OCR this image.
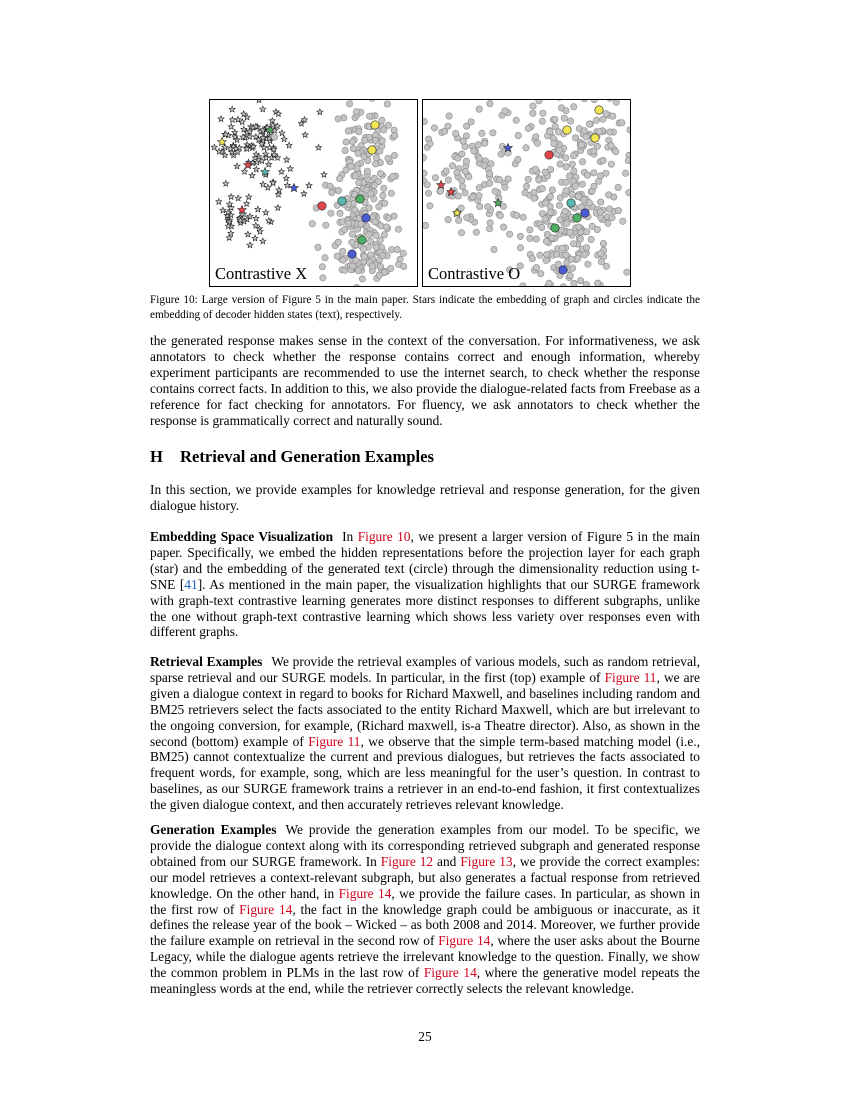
Contrastive X	Contrastive O
Figure 10: Large version of Figure 5 in the main paper. Stars indicate the embedding of graph and circles indicate the embedding of decoder hidden states (text), respectively.

the generated response makes sense in the context of the conversation. For informativeness, we ask annotators to check whether the response contains correct and enough information, whereby experiment participants are recommended to use the internet search, to check whether the response contains correct facts. In addition to this, we also provide the dialogue-related facts from Freebase as a reference for fact checking for annotators. For fluency, we ask annotators to check whether the response is grammatically correct and naturally sound.

H Retrieval and Generation Examples

In this section, we provide examples for knowledge retrieval and response generation, for the given dialogue history.

Embedding Space Visualization In Figure 10, we present a larger version of Figure 5 in the main paper. Specifically, we embed the hidden representations before the projection layer for each graph (star) and the embedding of the generated text (circle) through the dimensionality reduction using t-SNE [41]. As mentioned in the main paper, the visualization highlights that our SURGE framework with graph-text contrastive learning generates more distinct responses to different subgraphs, unlike the one without graph-text contrastive learning which shows less variety over responses even with different graphs.

Retrieval Examples We provide the retrieval examples of various models, such as random retrieval, sparse retrieval and our SURGE models. In particular, in the first (top) example of Figure 11, we are given a dialogue context in regard to books for Richard Maxwell, and baselines including random and BM25 retrievers select the facts associated to the entity Richard Maxwell, which are but irrelevant to the ongoing conversion, for example, (Richard maxwell, is-a Theatre director). Also, as shown in the second (bottom) example of Figure 11, we observe that the simple term-based matching model (i.e., BM25) cannot contextualize the current and previous dialogues, but retrieves the facts associated to frequent words, for example, song, which are less meaningful for the user’s question. In contrast to baselines, as our SURGE framework trains a retriever in an end-to-end fashion, it first contextualizes the given dialogue context, and then accurately retrieves relevant knowledge.

Generation Examples We provide the generation examples from our model. To be specific, we provide the dialogue context along with its corresponding retrieved subgraph and generated response obtained from our SURGE framework. In Figure 12 and Figure 13, we provide the correct examples: our model retrieves a context-relevant subgraph, but also generates a factual response from retrieved knowledge. On the other hand, in Figure 14, we provide the failure cases. In particular, as shown in the first row of Figure 14, the fact in the knowledge graph could be ambiguous or inaccurate, as it defines the release year of the book – Wicked – as both 2008 and 2014. Moreover, we further provide the failure example on retrieval in the second row of Figure 14, where the user asks about the Bourne Legacy, while the dialogue agents retrieve the irrelevant knowledge to the question. Finally, we show the common problem in PLMs in the last row of Figure 14, where the generative model repeats the meaningless words at the end, while the retriever correctly selects the relevant knowledge.

25
